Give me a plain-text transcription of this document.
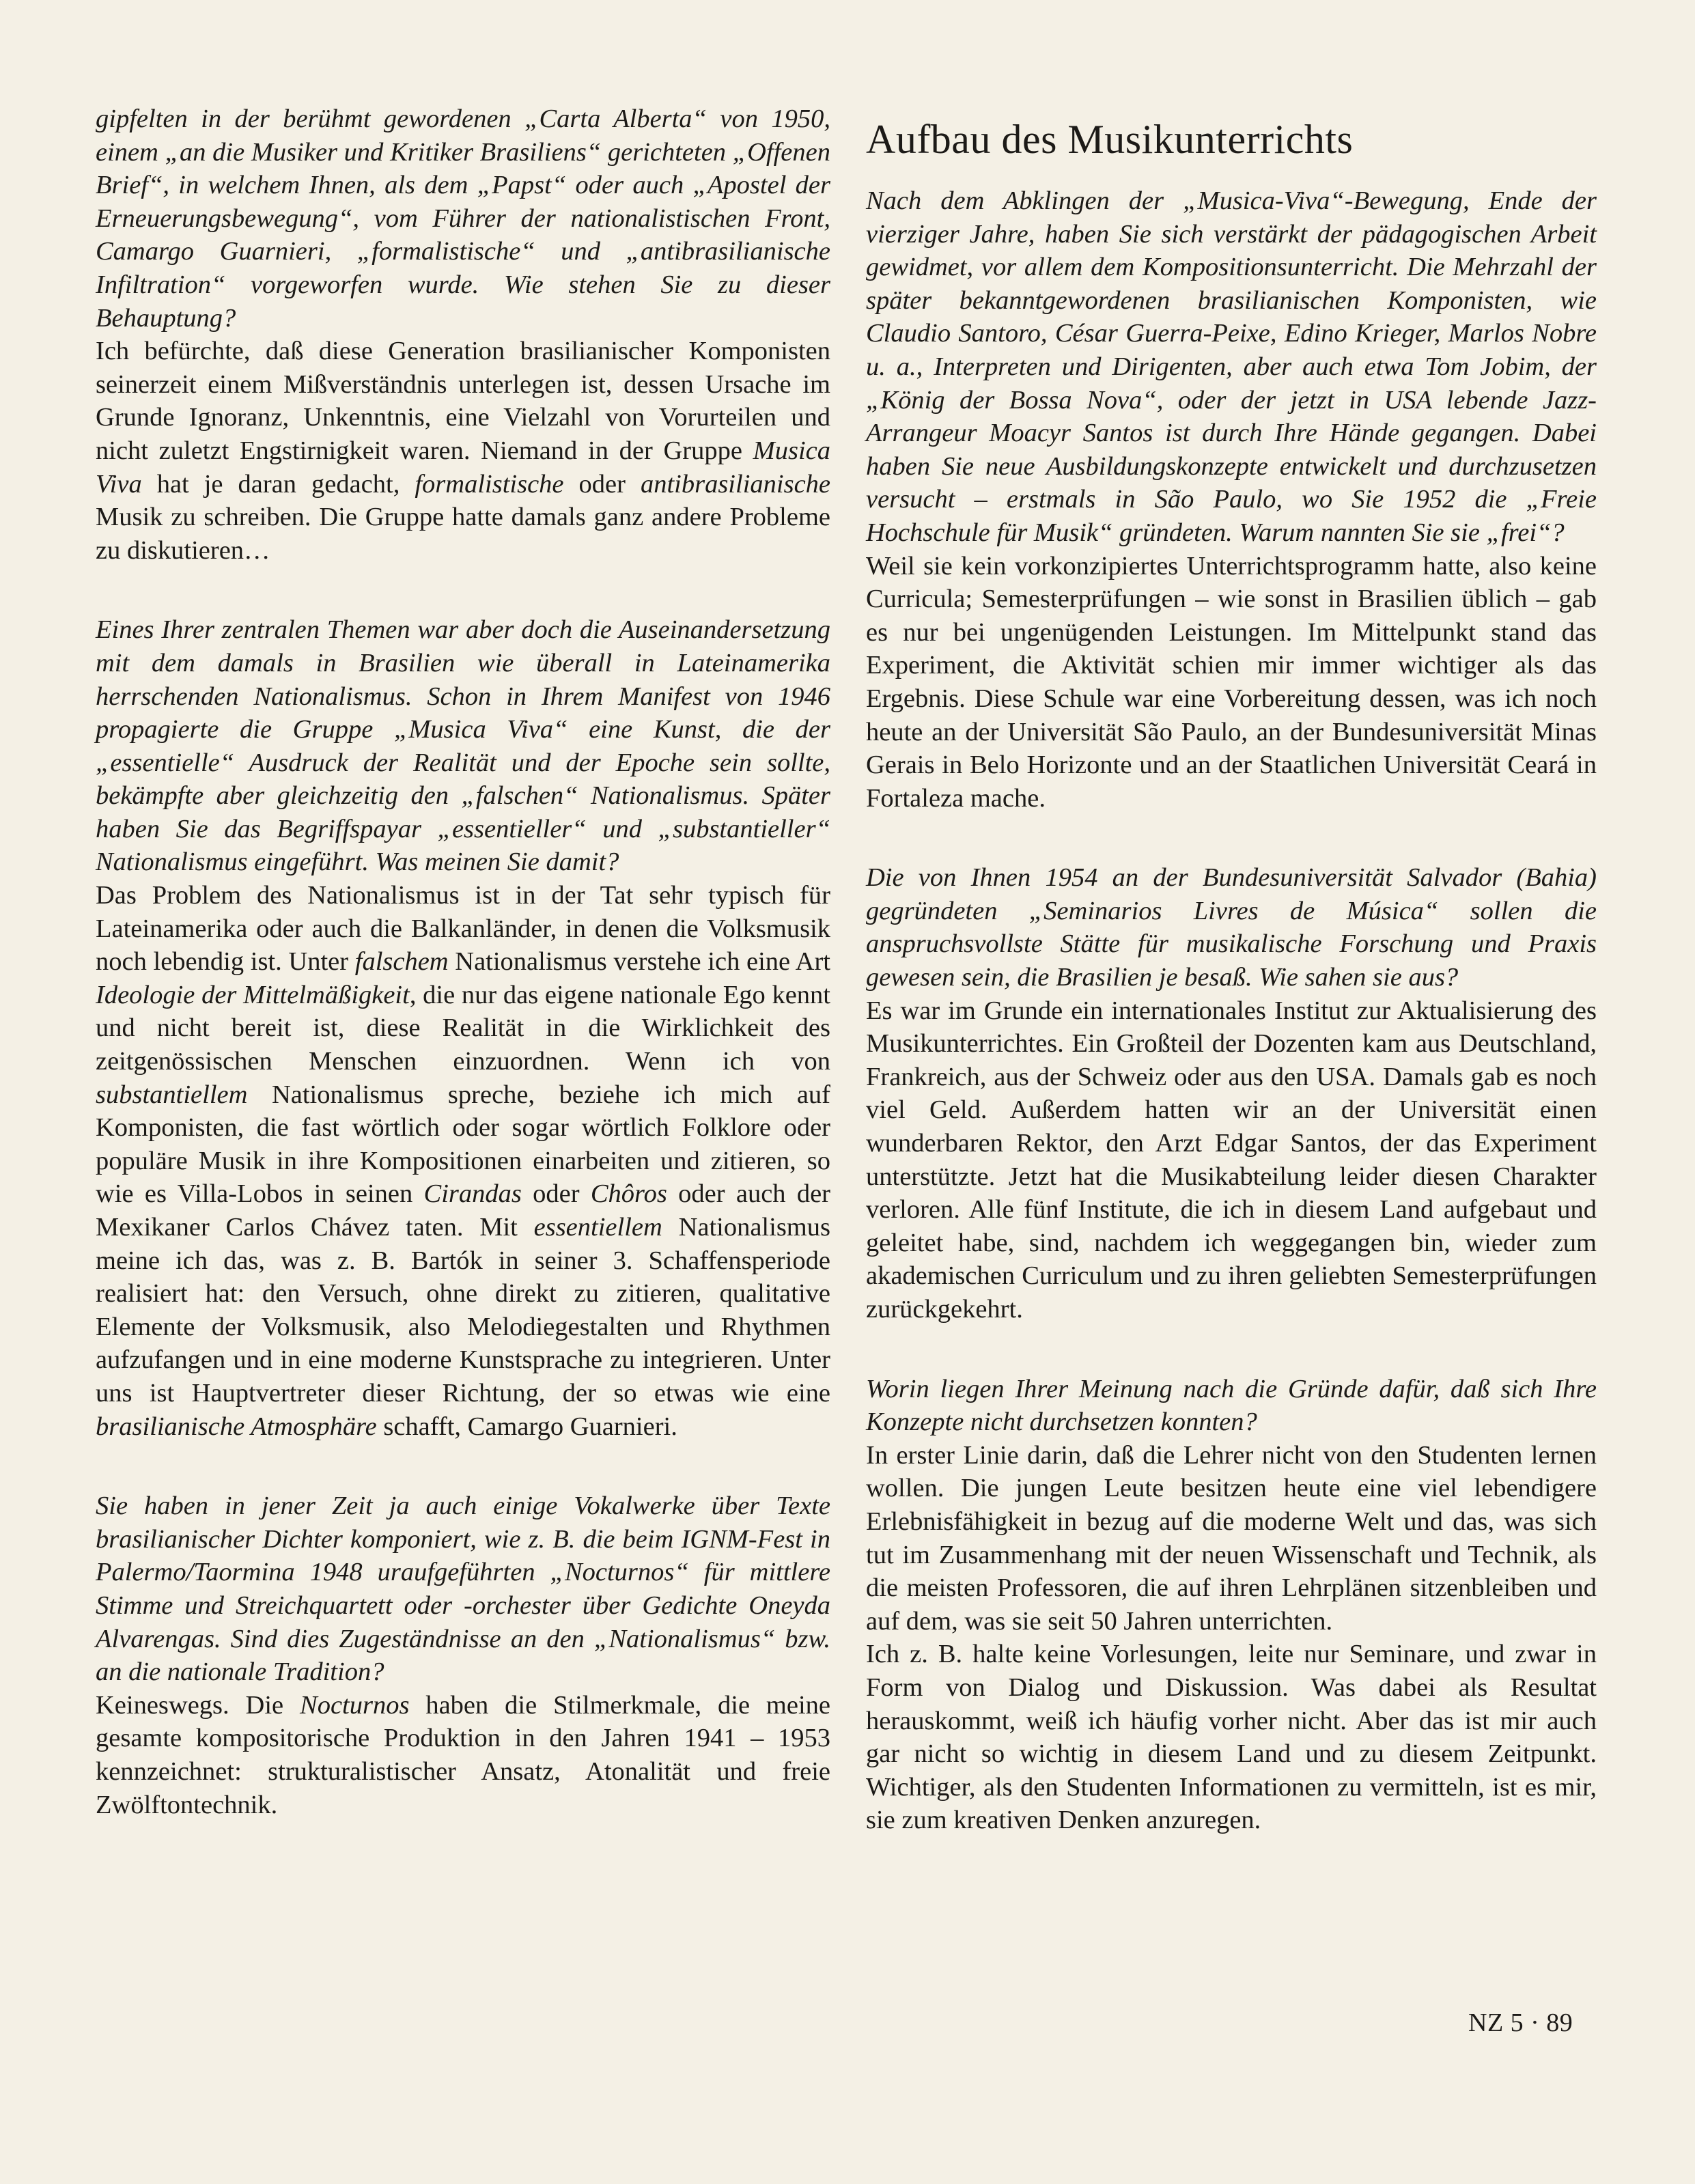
gipfelten in der berühmt gewordenen „Carta Alberta“ von 1950, einem „an die Musiker und Kritiker Brasiliens“ gerichteten „Offenen Brief“, in welchem Ihnen, als dem „Papst“ oder auch „Apostel der Erneuerungsbewegung“, vom Führer der nationalistischen Front, Camargo Guarnieri, „formalistische“ und „antibrasilianische Infiltration“ vorgeworfen wurde. Wie stehen Sie zu dieser Behauptung?

Ich befürchte, daß diese Generation brasilianischer Komponisten seinerzeit einem Mißverständnis unterlegen ist, dessen Ursache im Grunde Ignoranz, Unkenntnis, eine Vielzahl von Vorurteilen und nicht zuletzt Engstirnigkeit waren. Niemand in der Gruppe Musica Viva hat je daran gedacht, formalistische oder antibrasilianische Musik zu schreiben. Die Gruppe hatte damals ganz andere Probleme zu diskutieren…

Eines Ihrer zentralen Themen war aber doch die Auseinandersetzung mit dem damals in Brasilien wie überall in Lateinamerika herrschenden Nationalismus. Schon in Ihrem Manifest von 1946 propagierte die Gruppe „Musica Viva“ eine Kunst, die der „essentielle“ Ausdruck der Realität und der Epoche sein sollte, bekämpfte aber gleichzeitig den „falschen“ Nationalismus. Später haben Sie das Begriffspayar „essentieller“ und „substantieller“ Nationalismus eingeführt. Was meinen Sie damit?

Das Problem des Nationalismus ist in der Tat sehr typisch für Lateinamerika oder auch die Balkanländer, in denen die Volksmusik noch lebendig ist. Unter falschem Nationalismus verstehe ich eine Art Ideologie der Mittelmäßigkeit, die nur das eigene nationale Ego kennt und nicht bereit ist, diese Realität in die Wirklichkeit des zeitgenössischen Menschen einzuordnen. Wenn ich von substantiellem Nationalismus spreche, beziehe ich mich auf Komponisten, die fast wörtlich oder sogar wörtlich Folklore oder populäre Musik in ihre Kompositionen einarbeiten und zitieren, so wie es Villa-Lobos in seinen Cirandas oder Chôros oder auch der Mexikaner Carlos Chávez taten. Mit essentiellem Nationalismus meine ich das, was z. B. Bartók in seiner 3. Schaffensperiode realisiert hat: den Versuch, ohne direkt zu zitieren, qualitative Elemente der Volksmusik, also Melodiegestalten und Rhythmen aufzufangen und in eine moderne Kunstsprache zu integrieren. Unter uns ist Hauptvertreter dieser Richtung, der so etwas wie eine brasilianische Atmosphäre schafft, Camargo Guarnieri.

Sie haben in jener Zeit ja auch einige Vokalwerke über Texte brasilianischer Dichter komponiert, wie z. B. die beim IGNM-Fest in Palermo/Taormina 1948 uraufgeführten „Nocturnos“ für mittlere Stimme und Streichquartett oder -orchester über Gedichte Oneyda Alvarengas. Sind dies Zugeständnisse an den „Nationalismus“ bzw. an die nationale Tradition?

Keineswegs. Die Nocturnos haben die Stilmerkmale, die meine gesamte kompositorische Produktion in den Jahren 1941 – 1953 kennzeichnet: strukturalistischer Ansatz, Atonalität und freie Zwölftontechnik.

Aufbau des Musikunterrichts

Nach dem Abklingen der „Musica-Viva“-Bewegung, Ende der vierziger Jahre, haben Sie sich verstärkt der pädagogischen Arbeit gewidmet, vor allem dem Kompositionsunterricht. Die Mehrzahl der später bekanntgewordenen brasilianischen Komponisten, wie Claudio Santoro, César Guerra-Peixe, Edino Krieger, Marlos Nobre u. a., Interpreten und Dirigenten, aber auch etwa Tom Jobim, der „König der Bossa Nova“, oder der jetzt in USA lebende Jazz-Arrangeur Moacyr Santos ist durch Ihre Hände gegangen. Dabei haben Sie neue Ausbildungskonzepte entwickelt und durchzusetzen versucht – erstmals in São Paulo, wo Sie 1952 die „Freie Hochschule für Musik“ gründeten. Warum nannten Sie sie „frei“?

Weil sie kein vorkonzipiertes Unterrichtsprogramm hatte, also keine Curricula; Semesterprüfungen – wie sonst in Brasilien üblich – gab es nur bei ungenügenden Leistungen. Im Mittelpunkt stand das Experiment, die Aktivität schien mir immer wichtiger als das Ergebnis. Diese Schule war eine Vorbereitung dessen, was ich noch heute an der Universität São Paulo, an der Bundesuniversität Minas Gerais in Belo Horizonte und an der Staatlichen Universität Ceará in Fortaleza mache.

Die von Ihnen 1954 an der Bundesuniversität Salvador (Bahia) gegründeten „Seminarios Livres de Música“ sollen die anspruchsvollste Stätte für musikalische Forschung und Praxis gewesen sein, die Brasilien je besaß. Wie sahen sie aus?

Es war im Grunde ein internationales Institut zur Aktualisierung des Musikunterrichtes. Ein Großteil der Dozenten kam aus Deutschland, Frankreich, aus der Schweiz oder aus den USA. Damals gab es noch viel Geld. Außerdem hatten wir an der Universität einen wunderbaren Rektor, den Arzt Edgar Santos, der das Experiment unterstützte. Jetzt hat die Musikabteilung leider diesen Charakter verloren. Alle fünf Institute, die ich in diesem Land aufgebaut und geleitet habe, sind, nachdem ich weggegangen bin, wieder zum akademischen Curriculum und zu ihren geliebten Semesterprüfungen zurückgekehrt.

Worin liegen Ihrer Meinung nach die Gründe dafür, daß sich Ihre Konzepte nicht durchsetzen konnten?

In erster Linie darin, daß die Lehrer nicht von den Studenten lernen wollen. Die jungen Leute besitzen heute eine viel lebendigere Erlebnisfähigkeit in bezug auf die moderne Welt und das, was sich tut im Zusammenhang mit der neuen Wissenschaft und Technik, als die meisten Professoren, die auf ihren Lehrplänen sitzenbleiben und auf dem, was sie seit 50 Jahren unterrichten.

Ich z. B. halte keine Vorlesungen, leite nur Seminare, und zwar in Form von Dialog und Diskussion. Was dabei als Resultat herauskommt, weiß ich häufig vorher nicht. Aber das ist mir auch gar nicht so wichtig in diesem Land und zu diesem Zeitpunkt. Wichtiger, als den Studenten Informationen zu vermitteln, ist es mir, sie zum kreativen Denken anzuregen.

NZ 5 · 89
